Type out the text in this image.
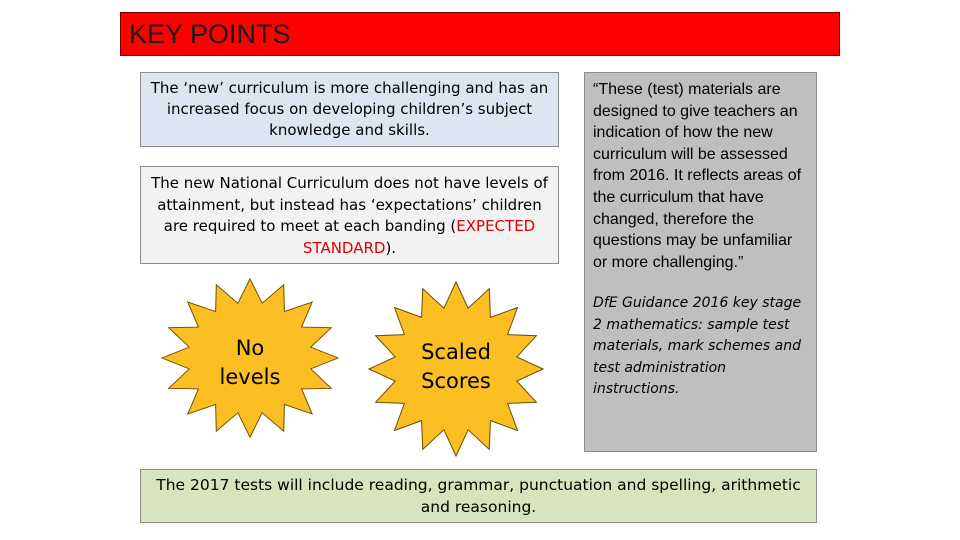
KEY POINTS
The ‘new’ curriculum is more challenging and has an increased focus on developing children’s subject knowledge and skills.
The new National Curriculum does not have levels of attainment, but instead has ‘expectations’ children are required to meet at each banding (EXPECTED STANDARD).
No levels
Scaled Scores
“These (test) materials are designed to give teachers an indication of how the new curriculum will be assessed from 2016. It reflects areas of the curriculum that have changed, therefore the questions may be unfamiliar or more challenging.”
DfE Guidance 2016 key stage 2 mathematics: sample test materials, mark schemes and test administration instructions.
The 2017 tests will include reading, grammar, punctuation and spelling, arithmetic and reasoning.
